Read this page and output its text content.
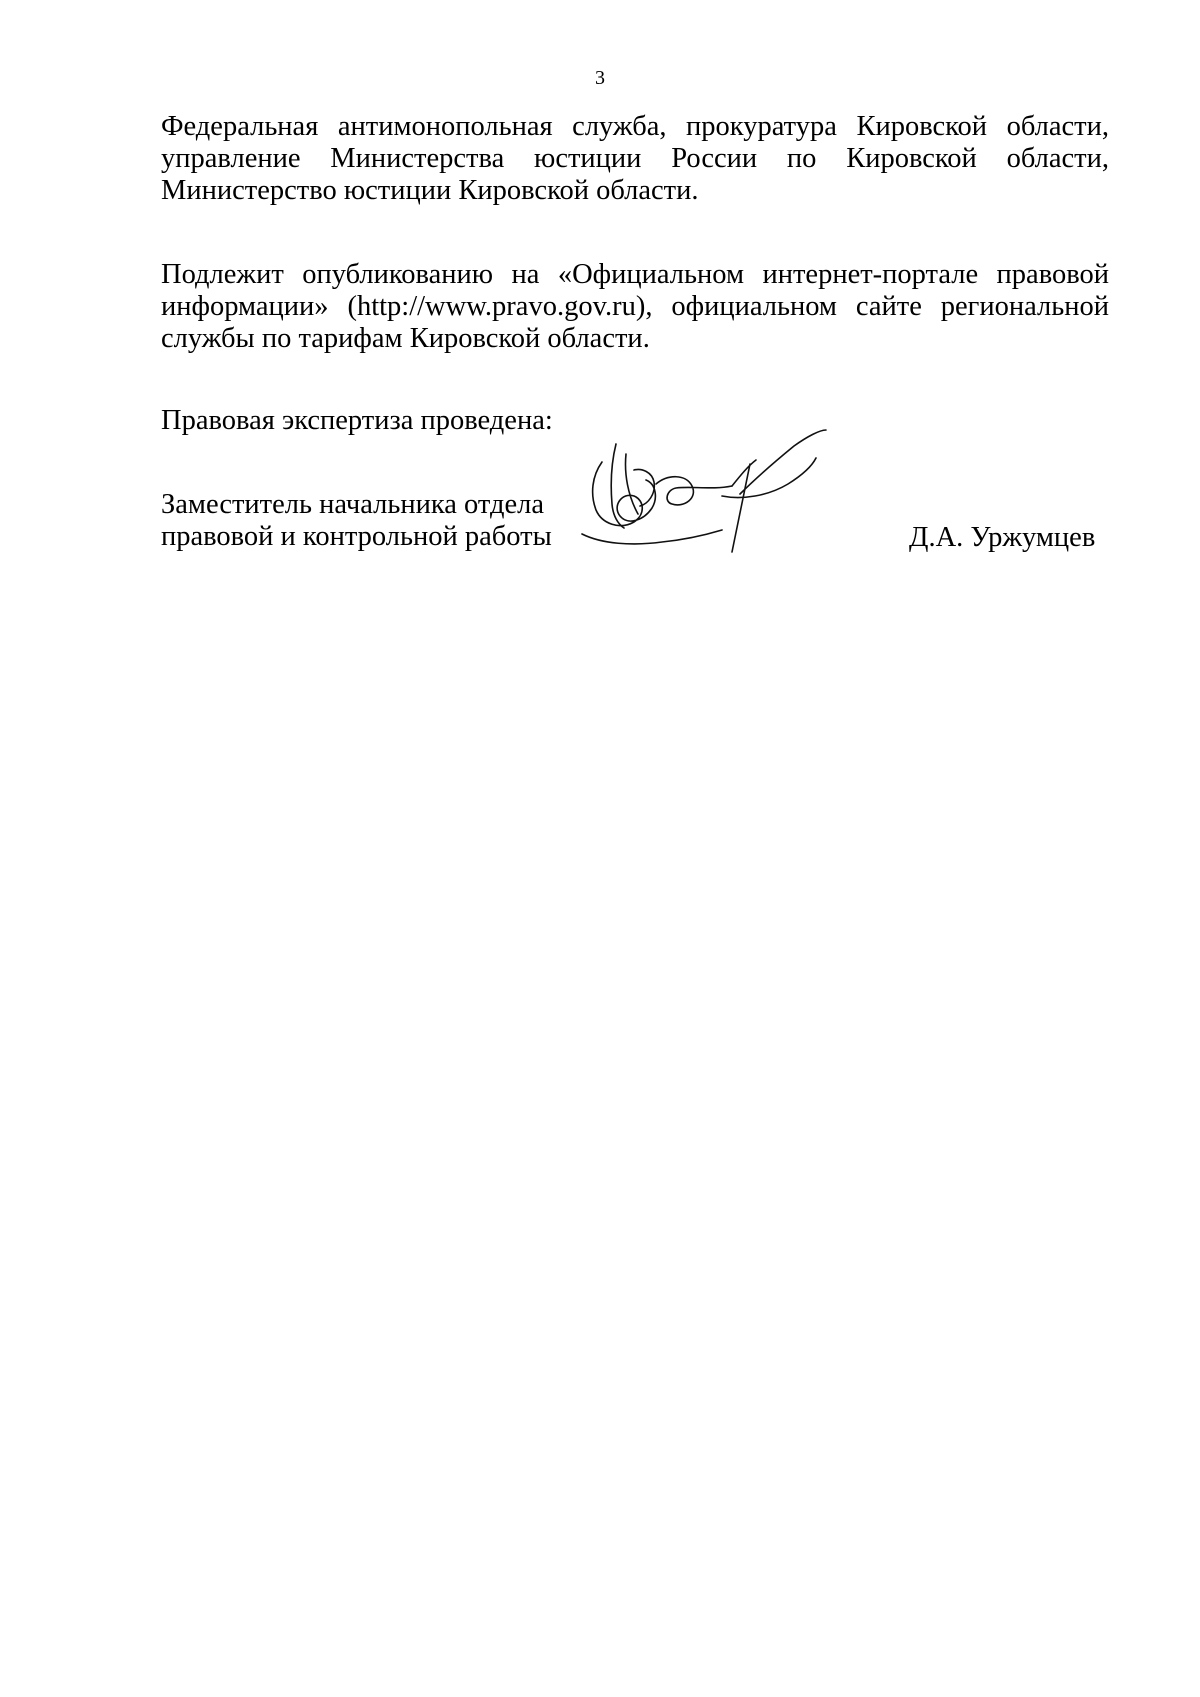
3
Федеральная антимонопольная служба, прокуратура Кировской области,
управление Министерства юстиции России по Кировской области,
Министерство юстиции Кировской области.
Подлежит опубликованию на «Официальном интернет-портале правовой
информации» (http://www.pravo.gov.ru), официальном сайте региональной
службы по тарифам Кировской области.
Правовая экспертиза проведена:
Заместитель начальника отдела
правовой и контрольной работы	Д.А. Уржумцев
